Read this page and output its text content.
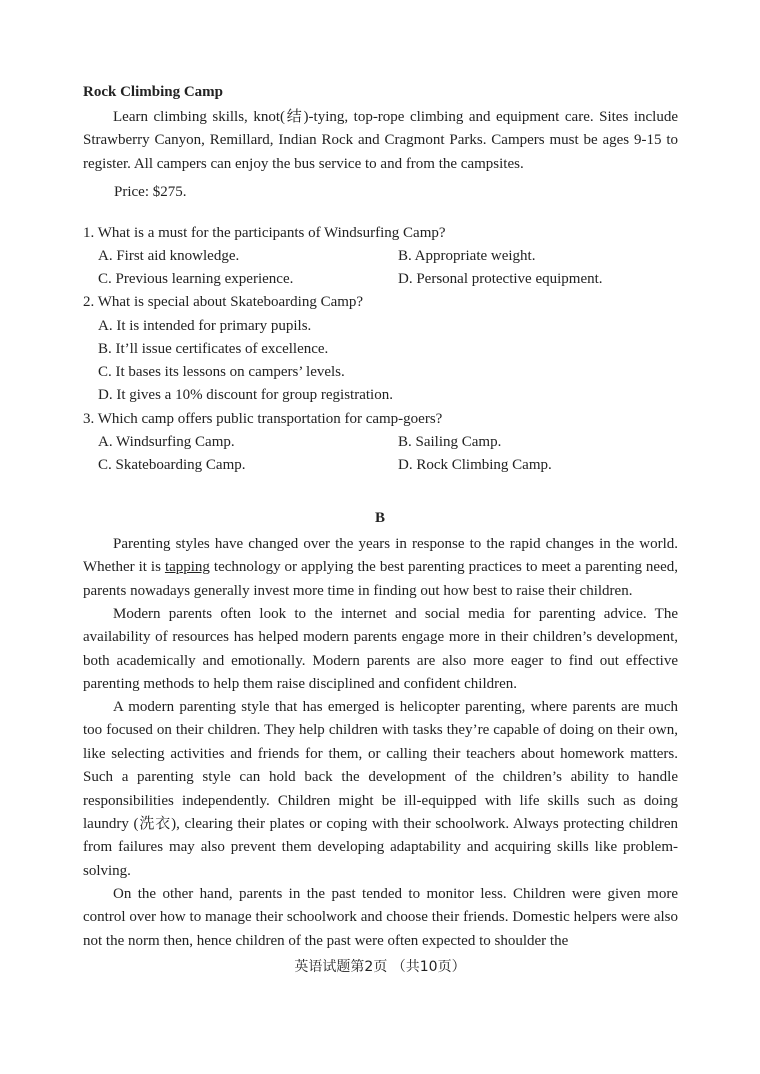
Rock Climbing Camp
Learn climbing skills, knot(结)-tying, top-rope climbing and equipment care. Sites include Strawberry Canyon, Remillard, Indian Rock and Cragmont Parks. Campers must be ages 9-15 to register. All campers can enjoy the bus service to and from the campsites.
Price: $275.
1. What is a must for the participants of Windsurfing Camp?
A. First aid knowledge.	B. Appropriate weight.
C. Previous learning experience.	D. Personal protective equipment.
2. What is special about Skateboarding Camp?
A. It is intended for primary pupils.
B. It’ll issue certificates of excellence.
C. It bases its lessons on campers’ levels.
D. It gives a 10% discount for group registration.
3. Which camp offers public transportation for camp-goers?
A. Windsurfing Camp.	B. Sailing Camp.
C. Skateboarding Camp.	D. Rock Climbing Camp.
B
Parenting styles have changed over the years in response to the rapid changes in the world. Whether it is tapping technology or applying the best parenting practices to meet a parenting need, parents nowadays generally invest more time in finding out how best to raise their children.
Modern parents often look to the internet and social media for parenting advice. The availability of resources has helped modern parents engage more in their children’s development, both academically and emotionally. Modern parents are also more eager to find out effective parenting methods to help them raise disciplined and confident children.
A modern parenting style that has emerged is helicopter parenting, where parents are much too focused on their children. They help children with tasks they’re capable of doing on their own, like selecting activities and friends for them, or calling their teachers about homework matters. Such a parenting style can hold back the development of the children’s ability to handle responsibilities independently. Children might be ill-equipped with life skills such as doing laundry (洗衣), clearing their plates or coping with their schoolwork. Always protecting children from failures may also prevent them developing adaptability and acquiring skills like problem-solving.
On the other hand, parents in the past tended to monitor less. Children were given more control over how to manage their schoolwork and choose their friends. Domestic helpers were also not the norm then, hence children of the past were often expected to shoulder the
英语试题第2页 （共10页）
